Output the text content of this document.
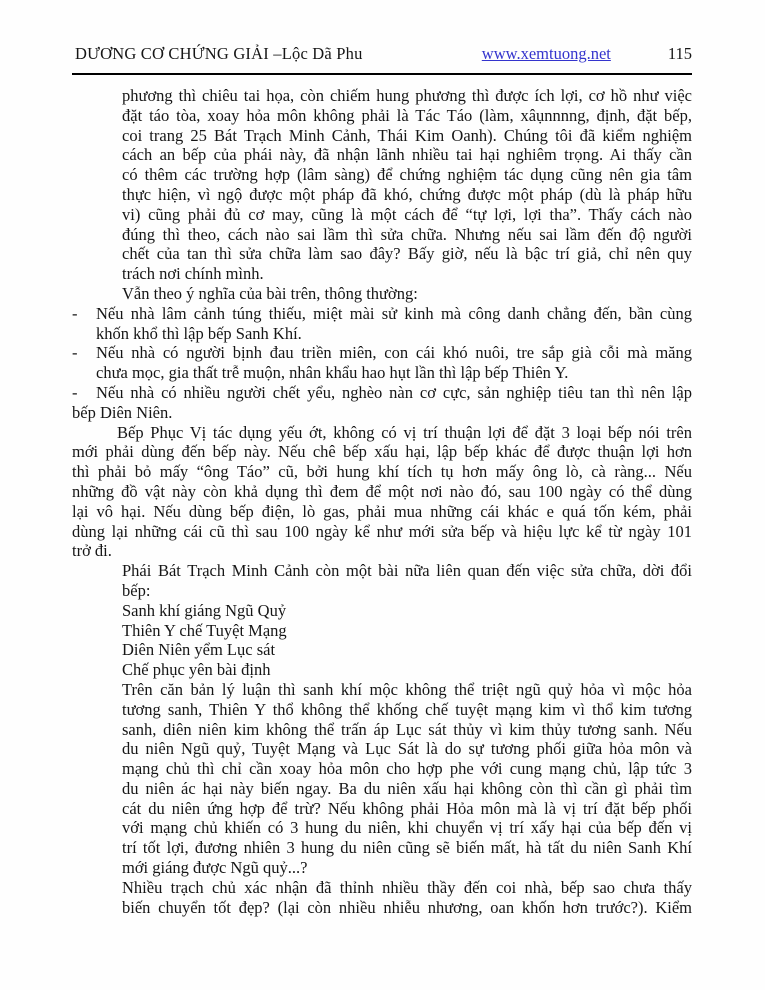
DƯƠNG CƠ CHỨNG GIẢI –Lộc Dã Phu	www.xemtuong.net	115
phương thì chiêu tai họa, còn chiếm hung phương thì được ích lợi, cơ hồ như việc
đặt táo tòa, xoay hỏa môn không phải là Tác Táo (làm, xâụnnnng, định, đặt bếp,
coi trang 25 Bát Trạch Minh Cảnh, Thái Kim Oanh). Chúng tôi đã kiểm nghiệm
cách an bếp của phái này, đã nhận lãnh nhiều tai hại nghiêm trọng. Ai thấy cần
có thêm các trường hợp (lâm sàng) để chứng nghiệm tác dụng cũng nên gia tâm
thực hiện, vì ngộ được một pháp đã khó, chứng được một pháp (dù là pháp hữu
vi) cũng phải đủ cơ may, cũng là một cách để “tự lợi, lợi tha”. Thấy cách nào
đúng thì theo, cách nào sai lầm thì sửa chữa. Nhưng nếu sai lầm đến độ người
chết của tan thì sửa chữa làm sao đây? Bấy giờ, nếu là bậc trí giả, chỉ nên quy
trách nơi chính mình.
Vẫn theo ý nghĩa của bài trên, thông thường:
- Nếu nhà lâm cảnh túng thiếu, miệt mài sử kinh mà công danh chẳng đến, bần cùng
khốn khổ thì lập bếp Sanh Khí.
- Nếu nhà có người bịnh đau triền miên, con cái khó nuôi, tre sắp già cỗi mà măng
chưa mọc, gia thất trễ muộn, nhân khẩu hao hụt lần thì lập bếp Thiên Y.
- Nếu nhà có nhiều người chết yểu, nghèo nàn cơ cực, sản nghiệp tiêu tan thì nên lập
bếp Diên Niên.
Bếp Phục Vị tác dụng yếu ớt, không có vị trí thuận lợi để đặt 3 loại bếp nói trên
mới phải dùng đến bếp này. Nếu chê bếp xấu hại, lập bếp khác để được thuận lợi hơn
thì phải bỏ mấy “ông Táo” cũ, bởi hung khí tích tụ hơn mấy ông lò, cà ràng... Nếu
những đồ vật này còn khả dụng thì đem để một nơi nào đó, sau 100 ngày có thể dùng
lại vô hại. Nếu dùng bếp điện, lò gas, phải mua những cái khác e quá tốn kém, phải
dùng lại những cái cũ thì sau 100 ngày kể như mới sửa bếp và hiệu lực kể từ ngày 101
trở đi.
Phái Bát Trạch Minh Cảnh còn một bài nữa liên quan đến việc sửa chữa, dời đổi
bếp:
Sanh khí giáng Ngũ Quỷ
Thiên Y chế Tuyệt Mạng
Diên Niên yểm Lục sát
Chế phục yên bài định
Trên căn bản lý luận thì sanh khí mộc không thể triệt ngũ quỷ hỏa vì mộc hỏa
tương sanh, Thiên Y thổ không thể khống chế tuyệt mạng kim vì thổ kim tương
sanh, diên niên kim không thể trấn áp Lục sát thủy vì kim thủy tương sanh. Nếu
du niên Ngũ quỷ, Tuyệt Mạng và Lục Sát là do sự tương phối giữa hỏa môn và
mạng chủ thì chỉ cần xoay hỏa môn cho hợp phe với cung mạng chủ, lập tức 3
du niên ác hại này biến ngay. Ba du niên xấu hại không còn thì cần gì phải tìm
cát du niên ứng hợp để trừ? Nếu không phải Hỏa môn mà là vị trí đặt bếp phối
với mạng chủ khiến có 3 hung du niên, khi chuyển vị trí xấy hại của bếp đến vị
trí tốt lợi, đương nhiên 3 hung du niên cũng sẽ biến mất, hà tất du niên Sanh Khí
mới giáng được Ngũ quỷ...?
Nhiều trạch chủ xác nhận đã thỉnh nhiều thầy đến coi nhà, bếp sao chưa thấy
biến chuyển tốt đẹp? (lại còn nhiều nhiễu nhương, oan khốn hơn trước?). Kiểm
